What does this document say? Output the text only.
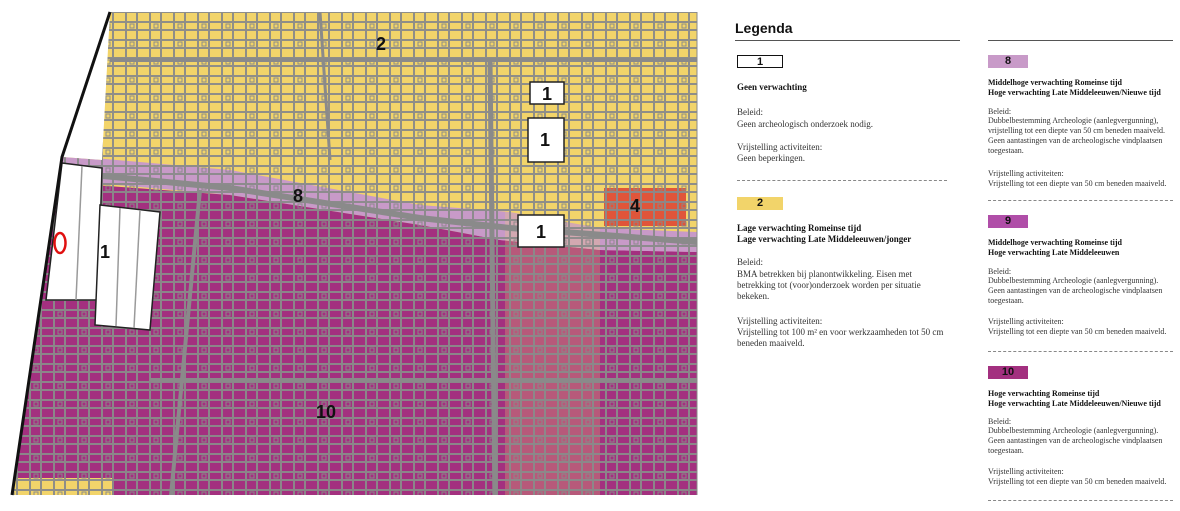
2
1
1
1
8	4
1
10
Legenda
1
Geen verwachting
Beleid:
Geen archeologisch onderzoek nodig.
Vrijstelling activiteiten:
Geen beperkingen.
2
Lage verwachting Romeinse tijd
Lage verwachting Late Middeleeuwen/jonger
Beleid:
BMA betrekken bij planontwikkeling. Eisen met
betrekking tot (voor)onderzoek worden per situatie
bekeken.
Vrijstelling activiteiten:
Vrijstelling tot 100 m² en voor werkzaamheden tot 50 cm
beneden maaiveld.
8
Middelhoge verwachting Romeinse tijd
Hoge verwachting Late Middeleeuwen/Nieuwe tijd
Beleid:
Dubbelbestemming Archeologie (aanlegvergunning),
vrijstelling tot een diepte van 50 cm beneden maaiveld.
Geen aantastingen van de archeologische vindplaatsen
toegestaan.
Vrijstelling activiteiten:
Vrijstelling tot een diepte van 50 cm beneden maaiveld.
9
Middelhoge verwachting Romeinse tijd
Hoge verwachting Late Middeleeuwen
Beleid:
Dubbelbestemming Archeologie (aanlegvergunning).
Geen aantastingen van de archeologische vindplaatsen
toegestaan.
Vrijstelling activiteiten:
Vrijstelling tot een diepte van 50 cm beneden maaiveld.
10
Hoge verwachting Romeinse tijd
Hoge verwachting Late Middeleeuwen/Nieuwe tijd
Beleid:
Dubbelbestemming Archeologie (aanlegvergunning).
Geen aantastingen van de archeologische vindplaatsen
toegestaan.
Vrijstelling activiteiten:
Vrijstelling tot een diepte van 50 cm beneden maaiveld.
